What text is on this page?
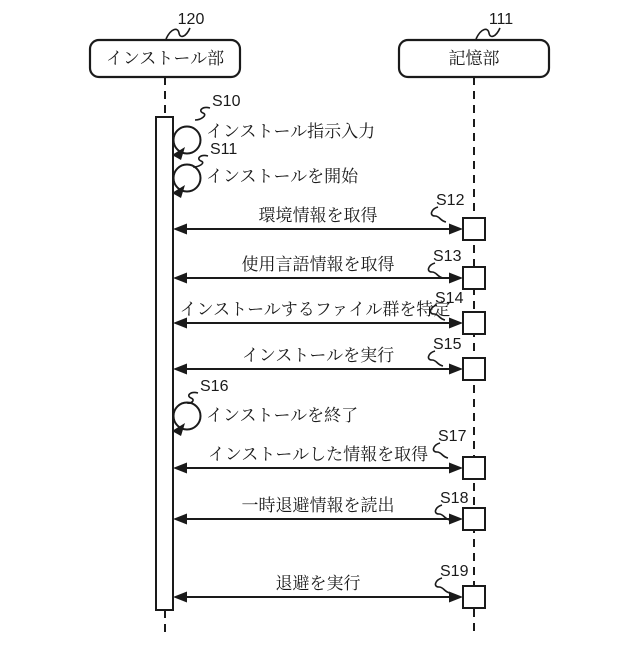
120
インストール部
111
記憶部
S10
インストール指示入力
S11
インストールを開始
S12
環境情報を取得
S13
使用言語情報を取得
S14
インストールするファイル群を特定
S15
インストールを実行
S16
インストールを終了
S17
インストールした情報を取得
S18
一時退避情報を読出
S19
退避を実行
